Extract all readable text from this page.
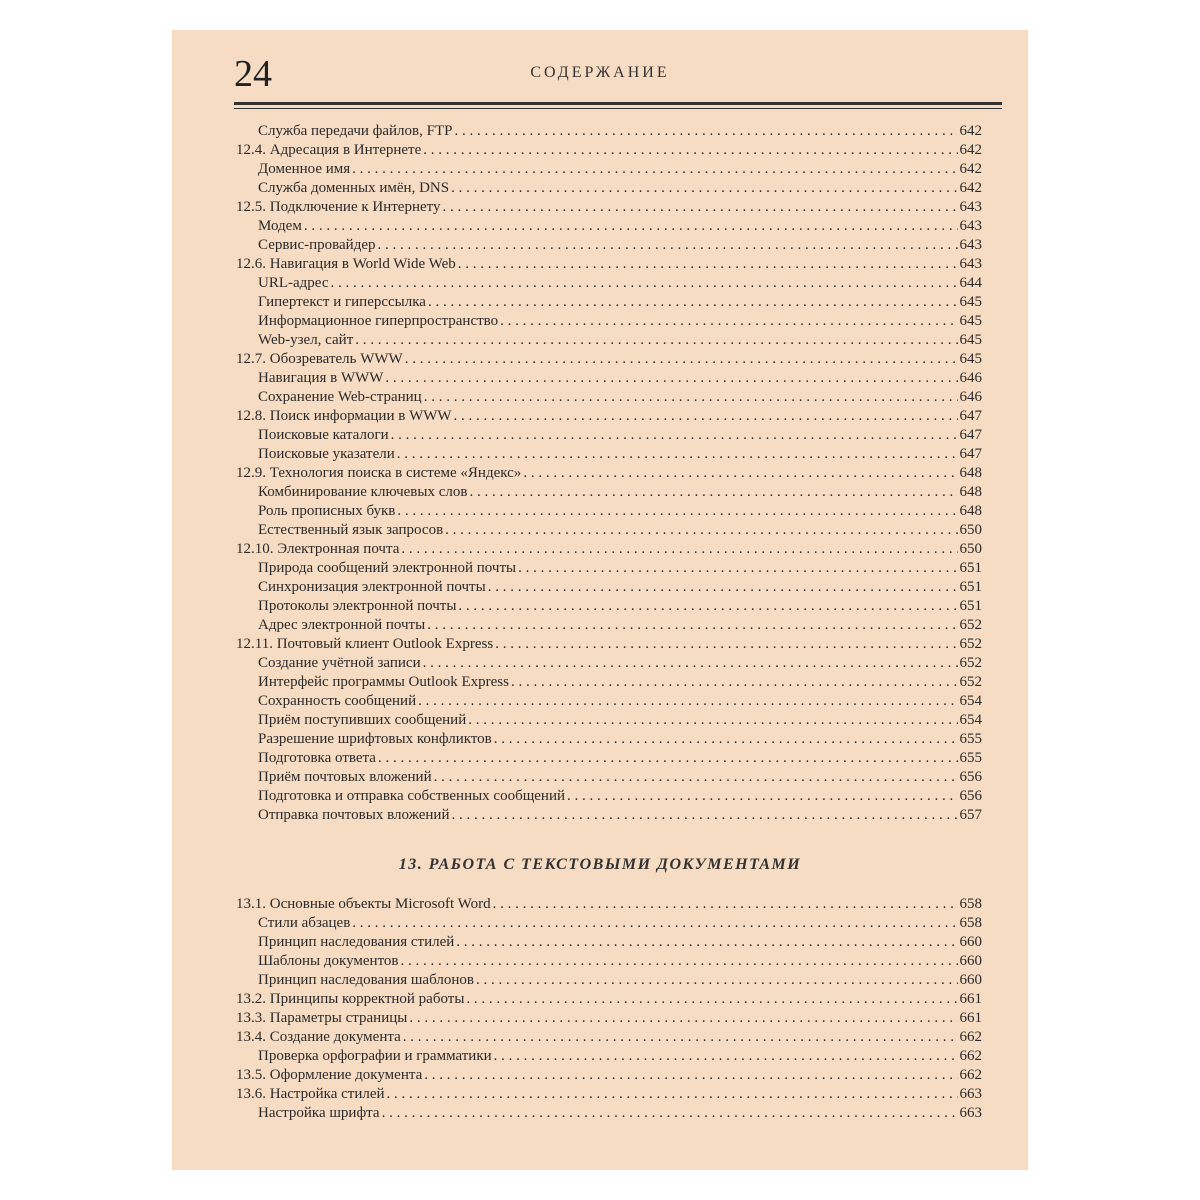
24	СОДЕРЖАНИЕ
Служба передачи файлов, FTP . . .	642
12.4. Адресация в Интернете . . .	642
Доменное имя . . .	642
Служба доменных имён, DNS . . .	642
12.5. Подключение к Интернету . . .	643
Модем . . .	643
Сервис-провайдер . . .	643
12.6. Навигация в World Wide Web . . .	643
URL-адрес . . .	644
Гипертекст и гиперссылка . . .	645
Информационное гиперпространство . . .	645
Web-узел, сайт . . .	645
12.7. Обозреватель WWW . . .	645
Навигация в WWW . . .	646
Сохранение Web-страниц . . .	646
12.8. Поиск информации в WWW . . .	647
Поисковые каталоги . . .	647
Поисковые указатели . . .	647
12.9. Технология поиска в системе «Яндекс» . . .	648
Комбинирование ключевых слов . . .	648
Роль прописных букв . . .	648
Естественный язык запросов . . .	650
12.10. Электронная почта . . .	650
Природа сообщений электронной почты . . .	651
Синхронизация электронной почты . . .	651
Протоколы электронной почты . . .	651
Адрес электронной почты . . .	652
12.11. Почтовый клиент Outlook Express . . .	652
Создание учётной записи . . .	652
Интерфейс программы Outlook Express . . .	652
Сохранность сообщений . . .	654
Приём поступивших сообщений . . .	654
Разрешение шрифтовых конфликтов . . .	655
Подготовка ответа . . .	655
Приём почтовых вложений . . .	656
Подготовка и отправка собственных сообщений . . .	656
Отправка почтовых вложений . . .	657
13. РАБОТА С ТЕКСТОВЫМИ ДОКУМЕНТАМИ
13.1. Основные объекты Microsoft Word . . .	658
Стили абзацев . . .	658
Принцип наследования стилей . . .	660
Шаблоны документов . . .	660
Принцип наследования шаблонов . . .	660
13.2. Принципы корректной работы . . .	661
13.3. Параметры страницы . . .	661
13.4. Создание документа . . .	662
Проверка орфографии и грамматики . . .	662
13.5. Оформление документа . . .	662
13.6. Настройка стилей . . .	663
Настройка шрифта . . .	663
